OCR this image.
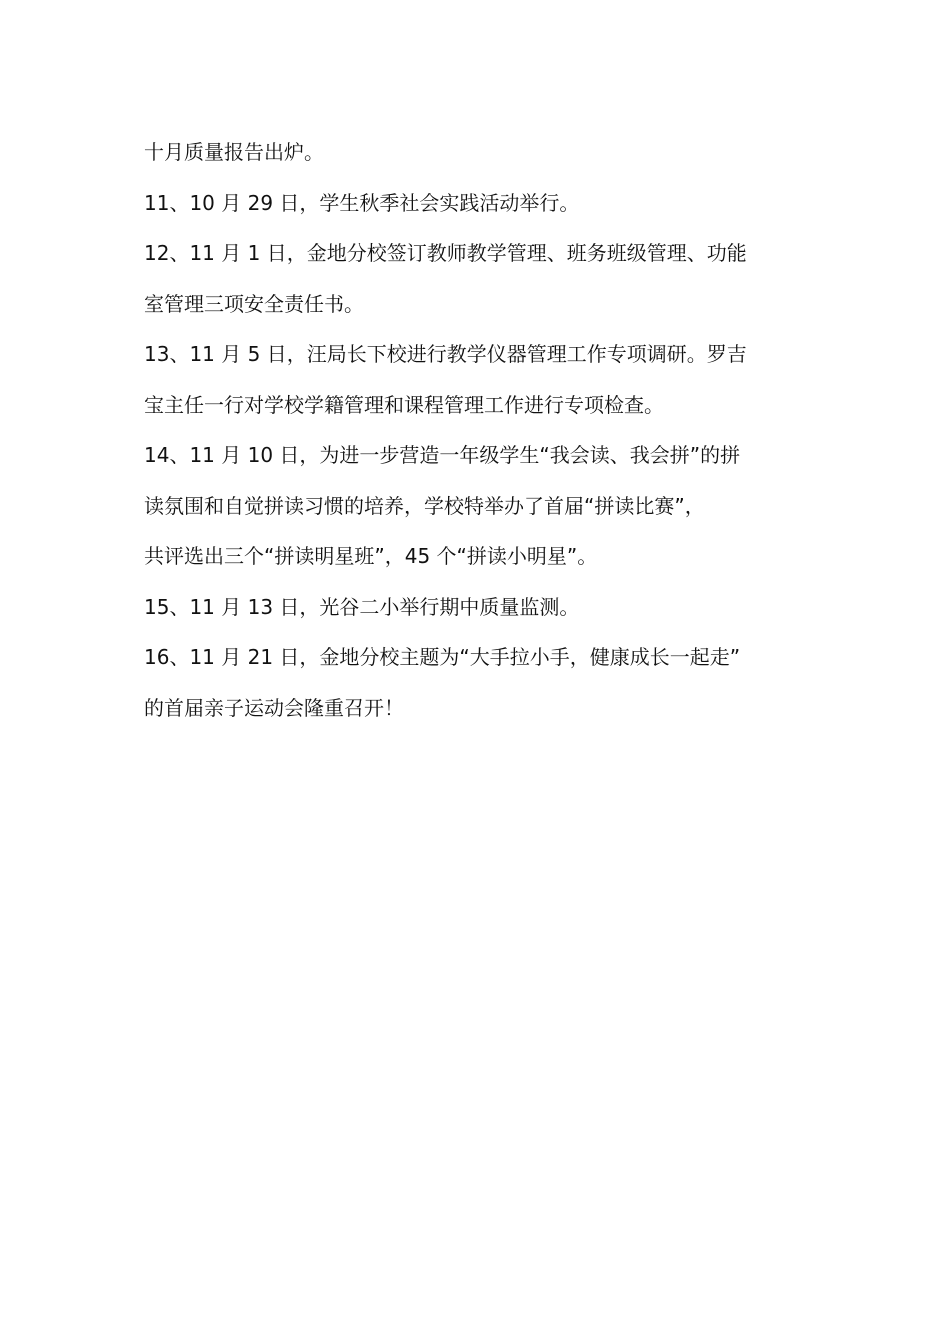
十月质量报告出炉。

11、10 月 29 日，学生秋季社会实践活动举行。

12、11 月 1 日，金地分校签订教师教学管理、班务班级管理、功能
室管理三项安全责任书。

13、11 月 5 日，汪局长下校进行教学仪器管理工作专项调研。罗吉
宝主任一行对学校学籍管理和课程管理工作进行专项检查。

14、11 月 10 日，为进一步营造一年级学生“我会读、我会拼”的拼
读氛围和自觉拼读习惯的培养，学校特举办了首届“拼读比赛”，
共评选出三个“拼读明星班”，45 个“拼读小明星”。

15、11 月 13 日，光谷二小举行期中质量监测。

16、11 月 21 日，金地分校主题为“大手拉小手，健康成长一起走”
的首届亲子运动会隆重召开！
